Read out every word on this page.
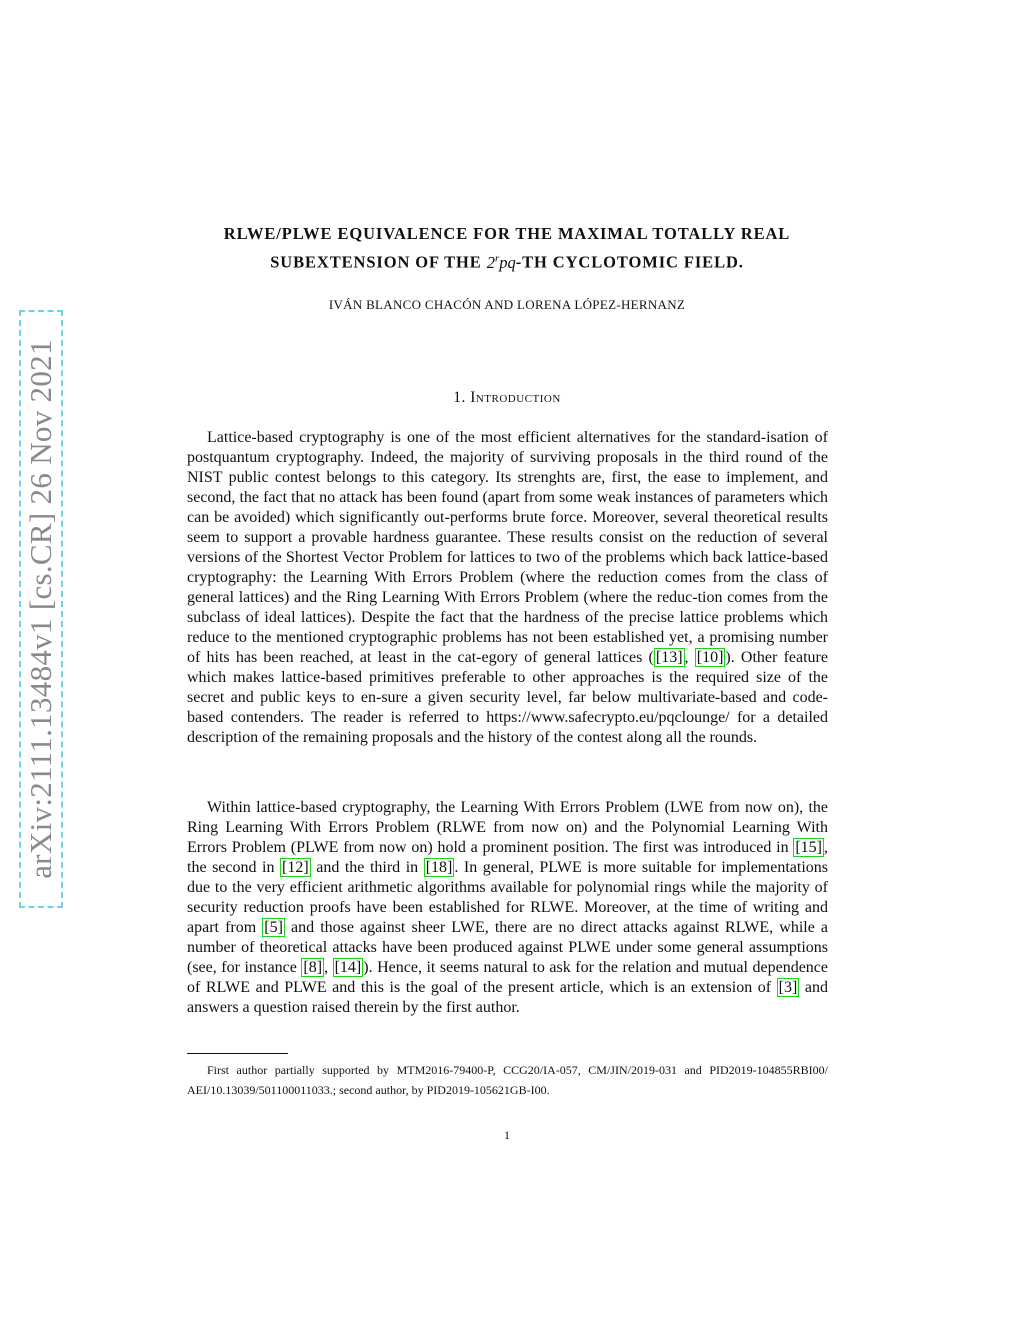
arXiv:2111.13484v1 [cs.CR] 26 Nov 2021
RLWE/PLWE EQUIVALENCE FOR THE MAXIMAL TOTALLY REAL
SUBEXTENSION OF THE 2$^r$pq-TH CYCLOTOMIC FIELD.
IVÁN BLANCO CHACÓN AND LORENA LÓPEZ-HERNANZ
1. Introduction

Lattice-based cryptography is one of the most efficient alternatives for the standard-isation of postquantum cryptography. Indeed, the majority of surviving proposals in the third round of the NIST public contest belongs to this category. Its strenghts are, first, the ease to implement, and second, the fact that no attack has been found (apart from some weak instances of parameters which can be avoided) which significantly out-performs brute force. Moreover, several theoretical results seem to support a provable hardness guarantee. These results consist on the reduction of several versions of the Shortest Vector Problem for lattices to two of the problems which back lattice-based cryptography: the Learning With Errors Problem (where the reduction comes from the class of general lattices) and the Ring Learning With Errors Problem (where the reduc-tion comes from the subclass of ideal lattices). Despite the fact that the hardness of the precise lattice problems which reduce to the mentioned cryptographic problems has not been established yet, a promising number of hits has been reached, at least in the cat-egory of general lattices ( [13] , [10] ). Other feature which makes lattice-based primitives preferable to other approaches is the required size of the secret and public keys to en-sure a given security level, far below multivariate-based and code-based contenders. The reader is referred to https://www.safecrypto.eu/pqclounge/ for a detailed description of the remaining proposals and the history of the contest along all the rounds.

Within lattice-based cryptography, the Learning With Errors Problem (LWE from now on), the Ring Learning With Errors Problem (RLWE from now on) and the Polynomial Learning With Errors Problem (PLWE from now on) hold a prominent position. The first was introduced in [15] , the second in [12] and the third in [18] . In general, PLWE is more suitable for implementations due to the very efficient arithmetic algorithms available for polynomial rings while the majority of security reduction proofs have been established for RLWE. Moreover, at the time of writing and apart from [5] and those against sheer LWE, there are no direct attacks against RLWE, while a number of theoretical attacks have been produced against PLWE under some general assumptions (see, for instance [8] , [14] ). Hence, it seems natural to ask for the relation and mutual dependence of RLWE and PLWE and this is the goal of the present article, which is an extension of [3] and answers a question raised therein by the first author.

First author partially supported by MTM2016-79400-P, CCG20/IA-057, CM/JIN/2019-031 and PID2019-104855RBI00/ AEI/10.13039/501100011033.; second author, by PID2019-105621GB-I00.

1
